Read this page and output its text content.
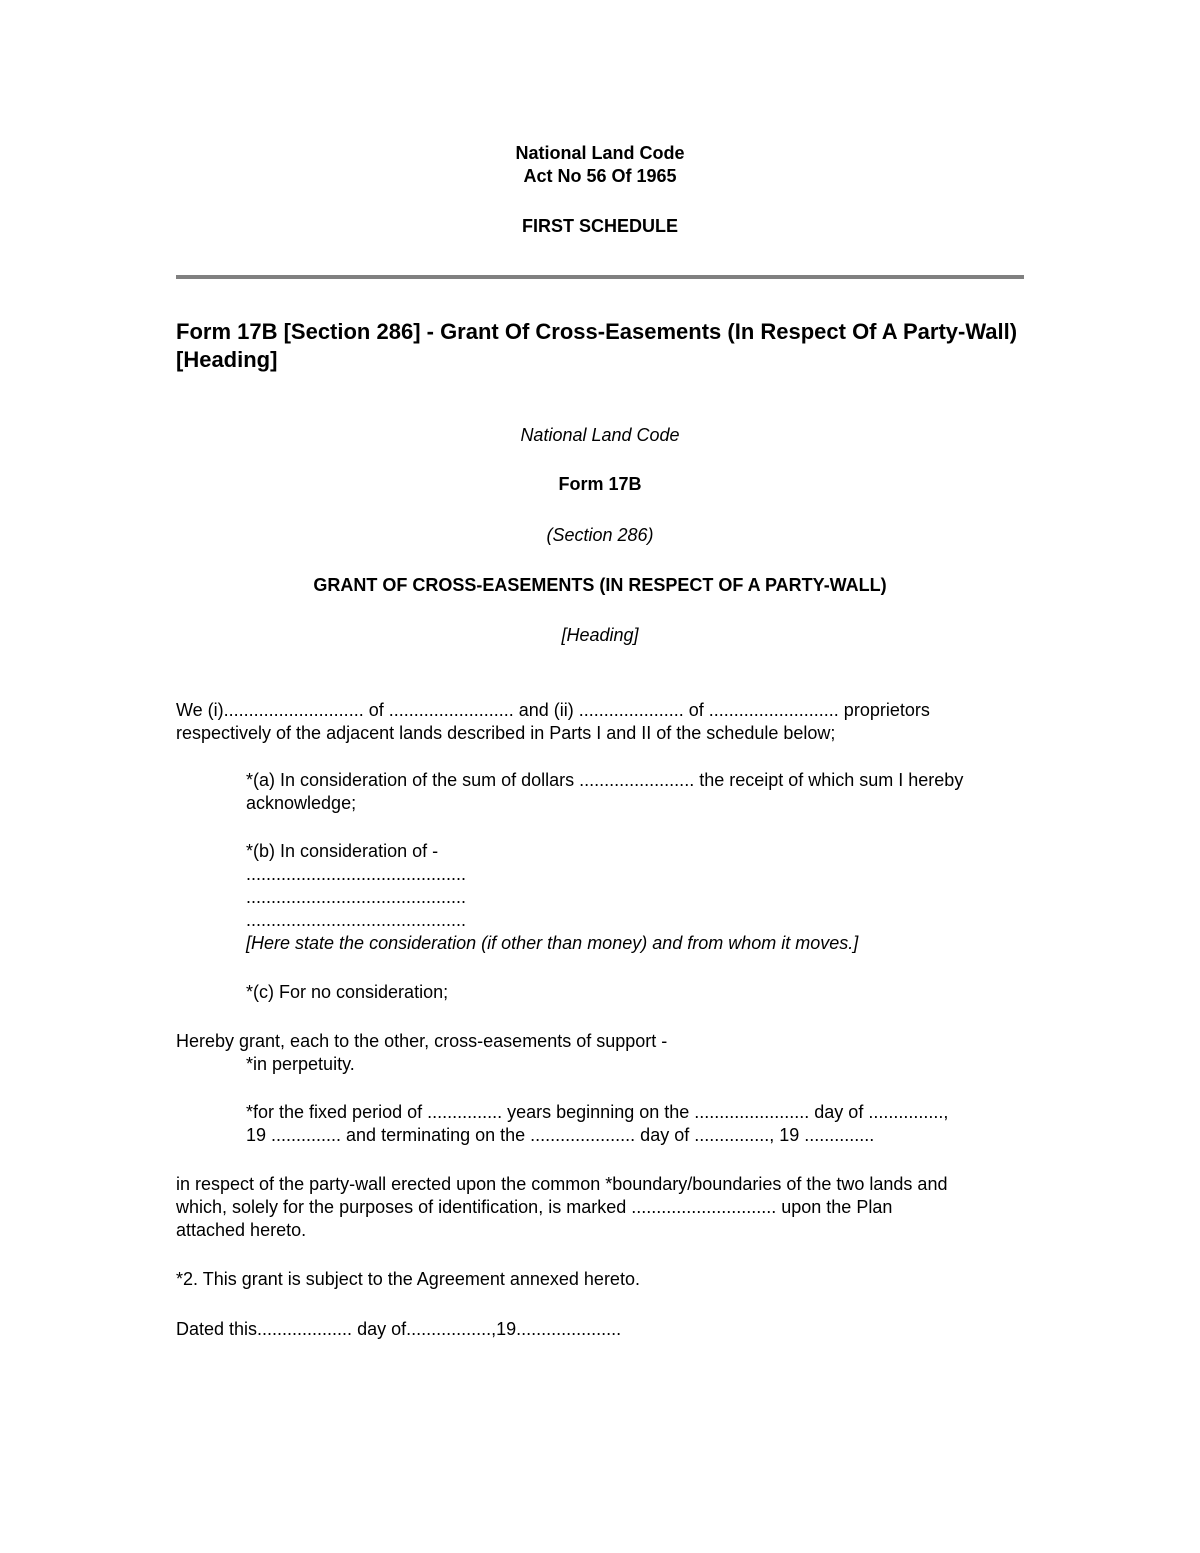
National Land Code
Act No 56 Of 1965
FIRST SCHEDULE
Form 17B [Section 286] - Grant Of Cross-Easements (In Respect Of A Party-Wall) [Heading]
National Land Code
Form 17B
(Section 286)
GRANT OF CROSS-EASEMENTS (IN RESPECT OF A PARTY-WALL)
[Heading]
We (i)............................ of ......................... and (ii) ..................... of .......................... proprietors
respectively of the adjacent lands described in Parts I and II of the schedule below;
*(a) In consideration of the sum of dollars ....................... the receipt of which sum I hereby
acknowledge;
*(b) In consideration of -
............................................
............................................
............................................
[Here state the consideration (if other than money) and from whom it moves.]
*(c) For no consideration;
Hereby grant, each to the other, cross-easements of support -
*in perpetuity.
*for the fixed period of ............... years beginning on the ....................... day of ...............,
19 .............. and terminating on the ..................... day of ..............., 19 ..............
in respect of the party-wall erected upon the common *boundary/boundaries of the two lands and
which, solely for the purposes of identification, is marked ............................. upon the Plan
attached hereto.
*2. This grant is subject to the Agreement annexed hereto.
Dated this................... day of.................,19.....................
